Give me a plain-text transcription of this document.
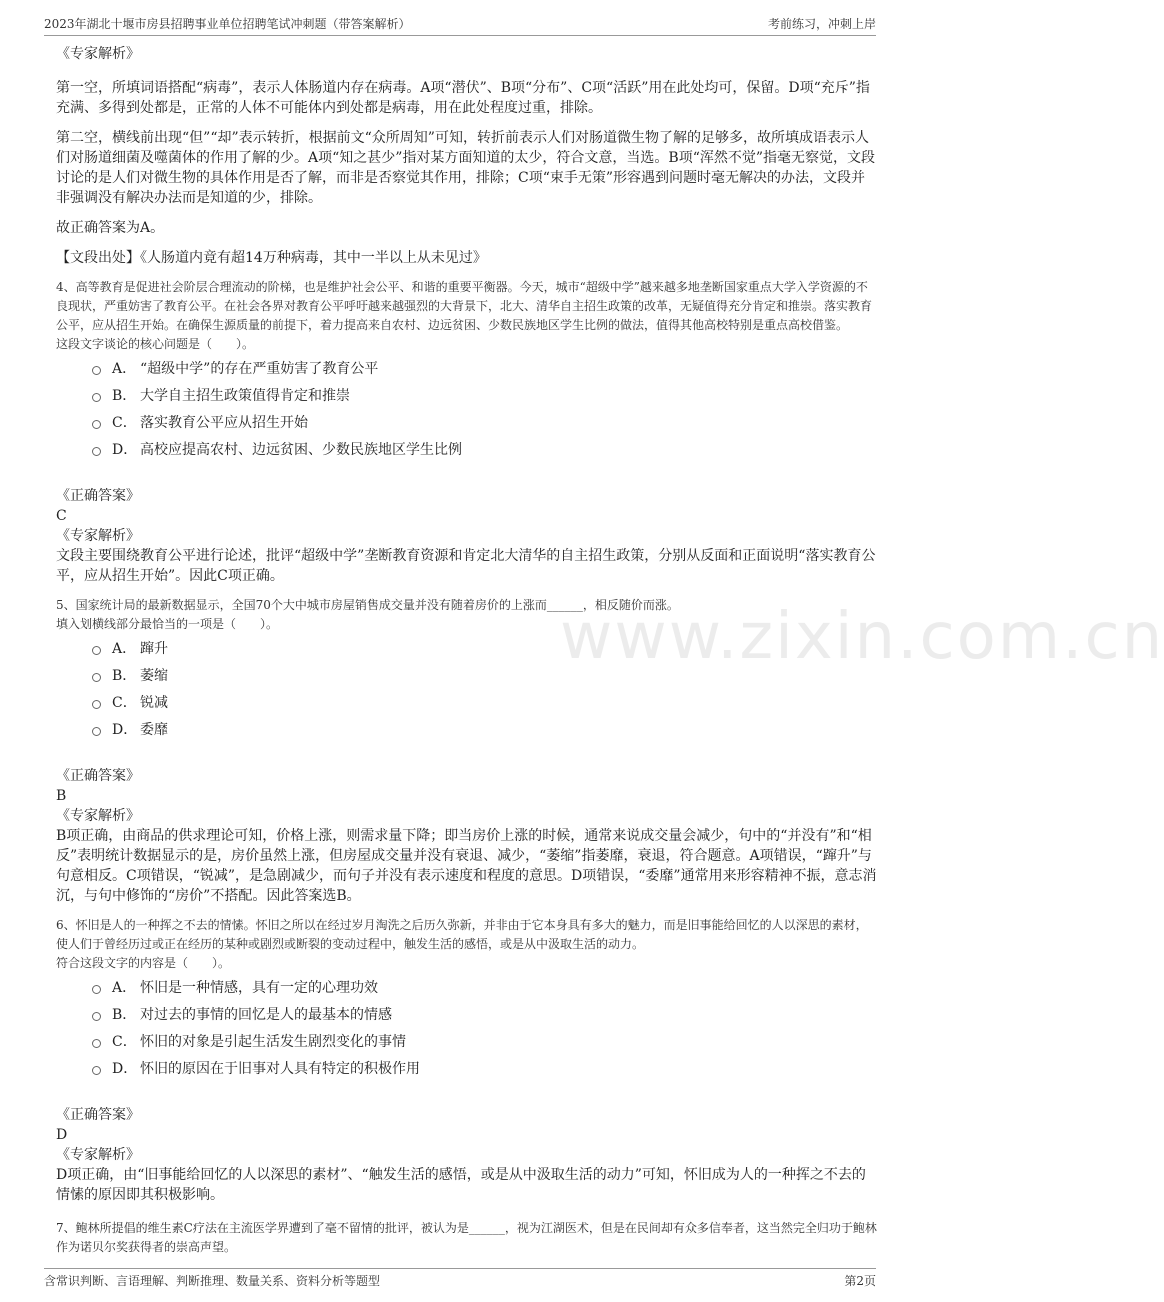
2023年湖北十堰市房县招聘事业单位招聘笔试冲刺题（带答案解析）	考前练习，冲刺上岸
www.zixin.com.cn

《专家解析》

第一空，所填词语搭配“病毒”，表示人体肠道内存在病毒。A项“潜伏”、B项“分布”、C项“活跃”用在此处均可，保留。D项“充斥”指充满、多得到处都是，正常的人体不可能体内到处都是病毒，用在此处程度过重，排除。

第二空，横线前出现“但”“却”表示转折，根据前文“众所周知”可知，转折前表示人们对肠道微生物了解的足够多，故所填成语表示人们对肠道细菌及噬菌体的作用了解的少。A项“知之甚少”指对某方面知道的太少，符合文意，当选。B项“浑然不觉”指毫无察觉，文段讨论的是人们对微生物的具体作用是否了解，而非是否察觉其作用，排除；C项“束手无策”形容遇到问题时毫无解决的办法，文段并非强调没有解决办法而是知道的少，排除。

故正确答案为A。

【文段出处】《人肠道内竟有超14万种病毒，其中一半以上从未见过》

4、高等教育是促进社会阶层合理流动的阶梯，也是维护社会公平、和谐的重要平衡器。今天，城市“超级中学”越来越多地垄断国家重点大学入学资源的不良现状，严重妨害了教育公平。在社会各界对教育公平呼吁越来越强烈的大背景下，北大、清华自主招生政策的改革，无疑值得充分肯定和推崇。落实教育公平，应从招生开始。在确保生源质量的前提下，着力提高来自农村、边远贫困、少数民族地区学生比例的做法，值得其他高校特别是重点高校借鉴。

这段文字谈论的核心问题是（　　）。

A． “超级中学”的存在严重妨害了教育公平
B． 大学自主招生政策值得肯定和推崇
C． 落实教育公平应从招生开始
D． 高校应提高农村、边远贫困、少数民族地区学生比例

《正确答案》

C

《专家解析》

文段主要围绕教育公平进行论述，批评“超级中学”垄断教育资源和肯定北大清华的自主招生政策，分别从反面和正面说明“落实教育公平，应从招生开始”。因此C项正确。

5、国家统计局的最新数据显示，全国70个大中城市房屋销售成交量并没有随着房价的上涨而______，相反随价而涨。

填入划横线部分最恰当的一项是（　　）。

A． 蹿升
B． 萎缩
C． 锐减
D． 委靡

《正确答案》

B

《专家解析》

B项正确，由商品的供求理论可知，价格上涨，则需求量下降；即当房价上涨的时候，通常来说成交量会减少，句中的“并没有”和“相反”表明统计数据显示的是，房价虽然上涨，但房屋成交量并没有衰退、减少，“萎缩”指萎靡，衰退，符合题意。A项错误，“蹿升”与句意相反。C项错误，“锐减”，是急剧减少，而句子并没有表示速度和程度的意思。D项错误，“委靡”通常用来形容精神不振，意志消沉，与句中修饰的“房价”不搭配。因此答案选B。

6、怀旧是人的一种挥之不去的情愫。怀旧之所以在经过岁月淘洗之后历久弥新，并非由于它本身具有多大的魅力，而是旧事能给回忆的人以深思的素材，使人们于曾经历过或正在经历的某种或剧烈或断裂的变动过程中，触发生活的感悟，或是从中汲取生活的动力。

符合这段文字的内容是（　　）。

A． 怀旧是一种情感，具有一定的心理功效
B． 对过去的事情的回忆是人的最基本的情感
C． 怀旧的对象是引起生活发生剧烈变化的事情
D． 怀旧的原因在于旧事对人具有特定的积极作用

《正确答案》

D

《专家解析》

D项正确，由“旧事能给回忆的人以深思的素材”、“触发生活的感悟，或是从中汲取生活的动力”可知，怀旧成为人的一种挥之不去的情愫的原因即其积极影响。

7、鲍林所提倡的维生素C疗法在主流医学界遭到了毫不留情的批评，被认为是______，视为江湖医术，但是在民间却有众多信奉者，这当然完全归功于鲍林作为诺贝尔奖获得者的崇高声望。

含常识判断、言语理解、判断推理、数量关系、资料分析等题型	第2页
